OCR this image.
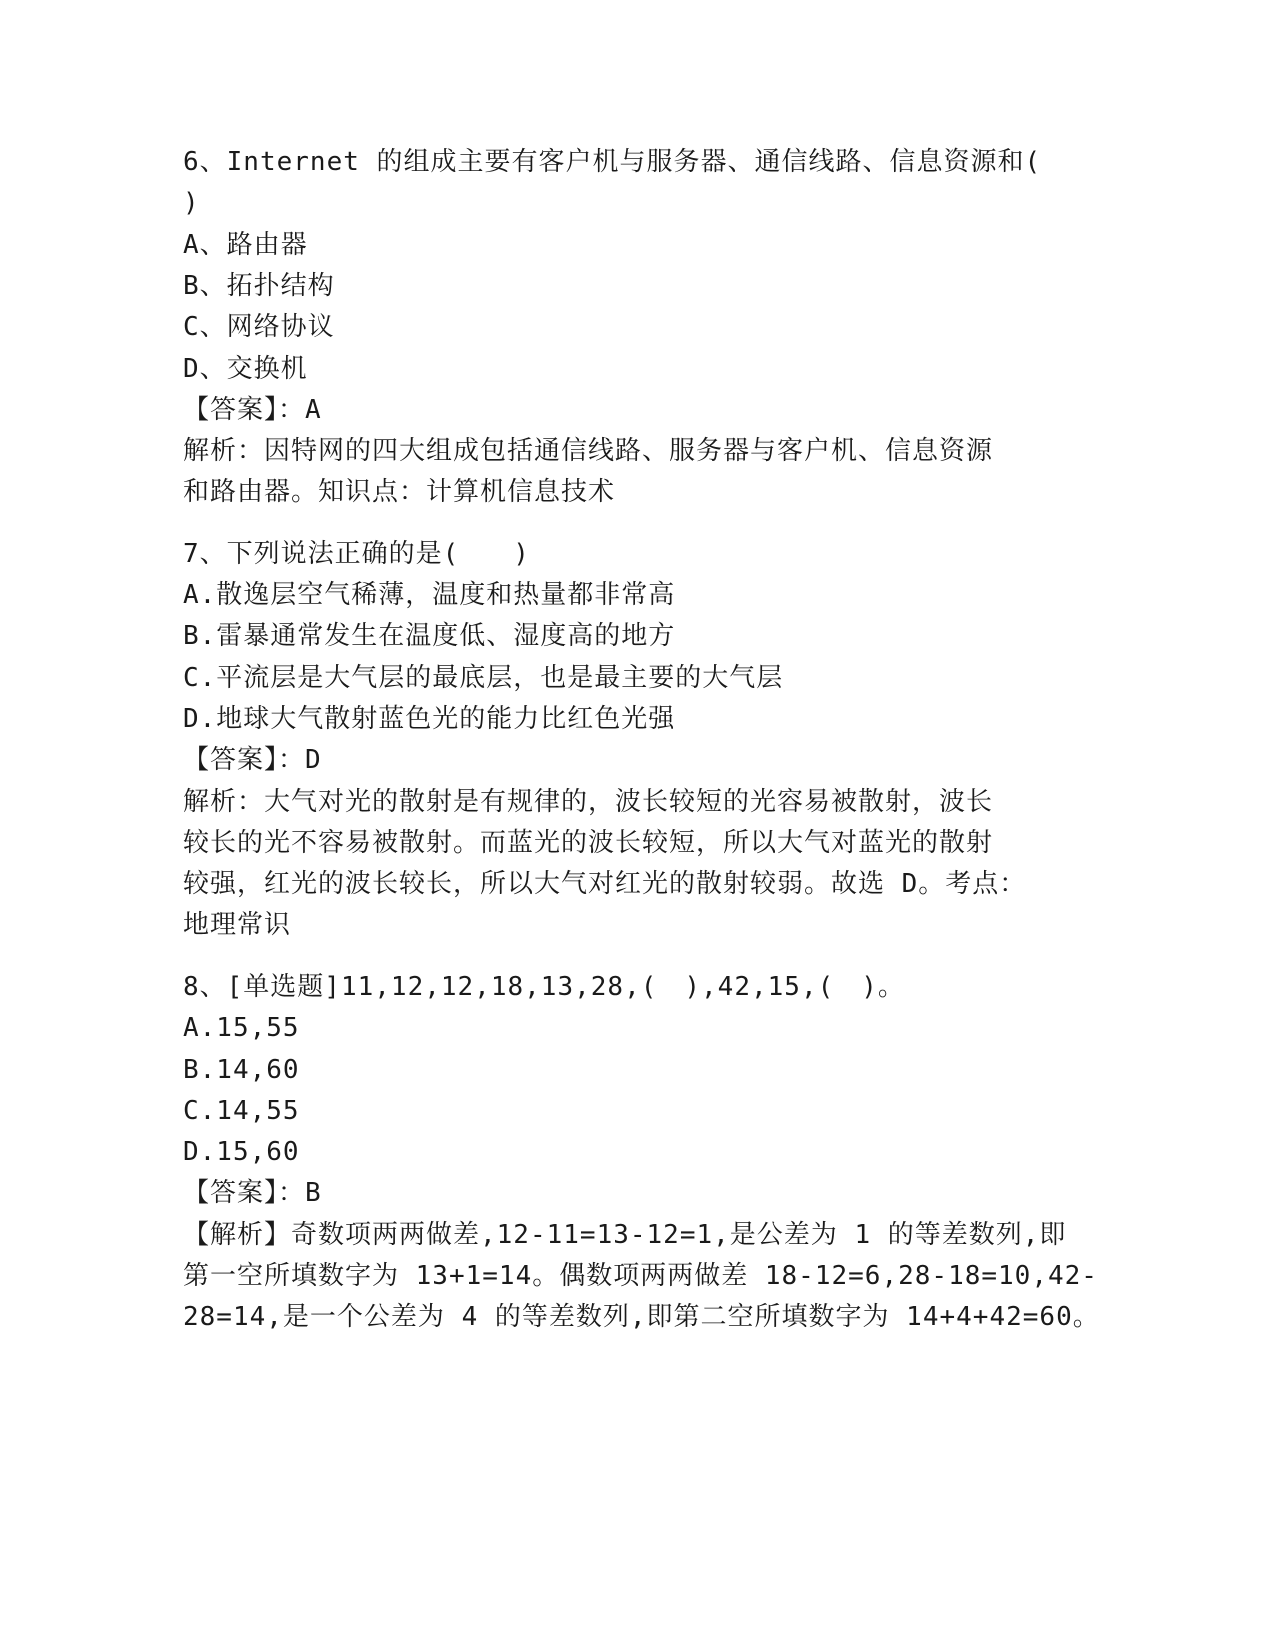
6、Internet 的组成主要有客户机与服务器、通信线路、信息资源和(
)
A、路由器
B、拓扑结构
C、网络协议
D、交换机
【答案】：A
解析：因特网的四大组成包括通信线路、服务器与客户机、信息资源
和路由器。知识点：计算机信息技术
7、下列说法正确的是(　　)
A.散逸层空气稀薄，温度和热量都非常高
B.雷暴通常发生在温度低、湿度高的地方
C.平流层是大气层的最底层，也是最主要的大气层
D.地球大气散射蓝色光的能力比红色光强
【答案】：D
解析：大气对光的散射是有规律的，波长较短的光容易被散射，波长
较长的光不容易被散射。而蓝光的波长较短，所以大气对蓝光的散射
较强，红光的波长较长，所以大气对红光的散射较弱。故选 D。考点：
地理常识
8、[单选题]11,12,12,18,13,28,(　),42,15,(　)。
A.15,55
B.14,60
C.14,55
D.15,60
【答案】：B
【解析】奇数项两两做差,12-11=13-12=1,是公差为 1 的等差数列,即
第一空所填数字为 13+1=14。偶数项两两做差 18-12=6,28-18=10,42-
28=14,是一个公差为 4 的等差数列,即第二空所填数字为 14+4+42=60。
